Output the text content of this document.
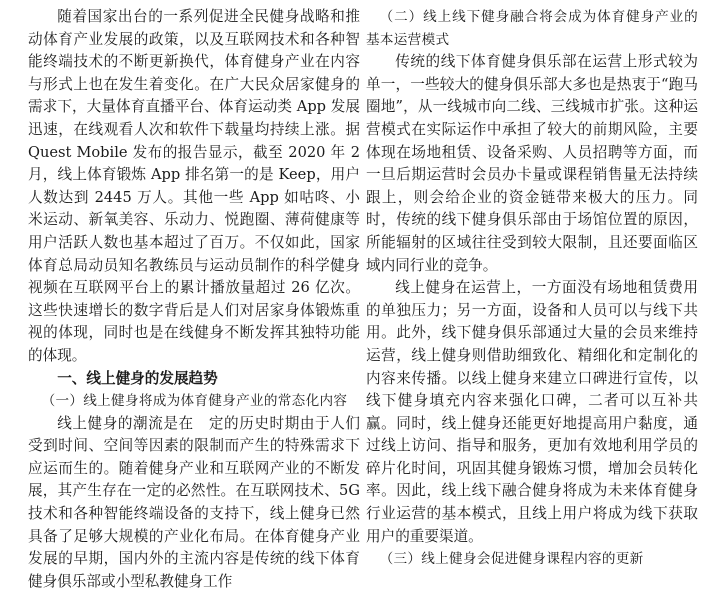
随着国家出台的一系列促进全民健身战略和推动体育产业发展的政策，以及互联网技术和各种智能终端技术的不断更新换代，体育健身产业在内容与形式上也在发生着变化。在广大民众居家健身的需求下，大量体育直播平台、体育运动类 App 发展迅速，在线观看人次和软件下载量均持续上涨。据 Quest Mobile 发布的报告显示，截至 2020 年 2 月，线上体育锻炼 App 排名第一的是 Keep，用户人数达到 2445 万人。其他一些 App 如咕咚、小米运动、新氧美容、乐动力、悦跑圈、薄荷健康等用户活跃人数也基本超过了百万。不仅如此，国家体育总局动员知名教练员与运动员制作的科学健身视频在互联网平台上的累计播放量超过 26 亿次。这些快速增长的数字背后是人们对居家身体锻炼重视的体现，同时也是在线健身不断发挥其独特功能的体现。

一、线上健身的发展趋势
（一）线上健身将成为体育健身产业的常态化内容

线上健身的潮流是在　定的历史时期由于人们受到时间、空间等因素的限制而产生的特殊需求下应运而生的。随着健身产业和互联网产业的不断发展，其产生存在一定的必然性。在互联网技术、5G 技术和各种智能终端设备的支持下，线上健身已然具备了足够大规模的产业化布局。在体育健身产业发展的早期，国内外的主流内容是传统的线下体育健身俱乐部或小型私教健身工作

（二）线上线下健身融合将会成为体育健身产业的基本运营模式

传统的线下体育健身俱乐部在运营上形式较为单一，一些较大的健身俱乐部大多也是热衷于“跑马圈地”，从一线城市向二线、三线城市扩张。这种运营模式在实际运作中承担了较大的前期风险，主要体现在场地租赁、设备采购、人员招聘等方面，而一旦后期运营时会员办卡量或课程销售量无法持续跟上，则会给企业的资金链带来极大的压力。同时，传统的线下健身俱乐部由于场馆位置的原因，所能辐射的区域往往受到较大限制，且还要面临区域内同行业的竞争。

线上健身在运营上，一方面没有场地租赁费用的单独压力；另一方面，设备和人员可以与线下共用。此外，线下健身俱乐部通过大量的会员来维持运营，线上健身则借助细致化、精细化和定制化的内容来传播。以线上健身来建立口碑进行宣传，以线下健身填充内容来强化口碑，二者可以互补共赢。同时，线上健身还能更好地提高用户黏度，通过线上访问、指导和服务，更加有效地利用学员的碎片化时间，巩固其健身锻炼习惯，增加会员转化率。因此，线上线下融合健身将成为未来体育健身行业运营的基本模式，且线上用户将成为线下获取用户的重要渠道。

（三）线上健身会促进健身课程内容的更新
